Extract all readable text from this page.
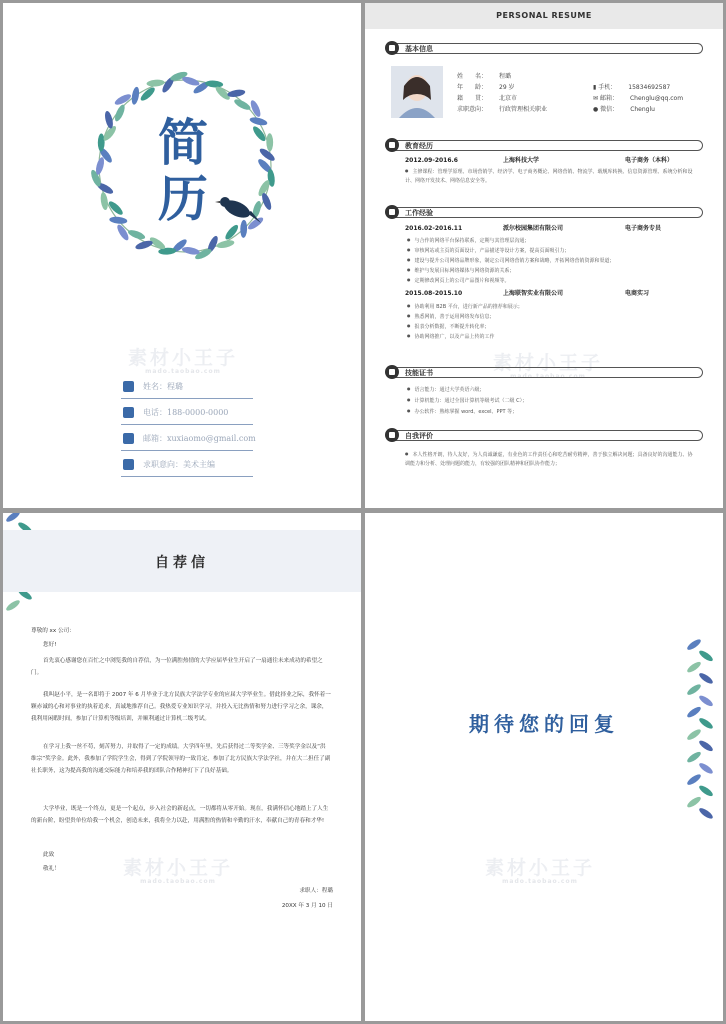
简
历
素材小王子
mado.taobao.com
姓名：程璐
电话：188-0000-0000
邮箱：xuxiaomo@gmail.com
求职意向：美术主编
PERSONAL RESUME
基本信息
姓　　名： 程璐
年　　龄： 29 岁
籍　　贯： 北京市
求职意向： 行政管理相关职业
▮ 手机： 15834692587
✉ 邮箱： Chenglu@qq.com
● 微信： Chenglu
教育经历
2012.09-2016.6	上海科技大学	电子商务（本科）
● 主修课程：管理学原理、市场营销学、经济学、电子商务概论、网络营销、物流学、载舰库转换、信息资源管理、系统分析和设计、网络开发技术、网络信息安全等。
工作经验
2016.02-2016.11	派尔校园集团有限公司	电子商务专员
● 与合作的网络平台保持联系，定期与其管理层沟通；
● 审核网站或主页的页面设计，产品描述等设计方案，提高页面吸引力；
● 建设与提升公司网络品牌形象，制定公司网络营销方案和战略，开拓网络营销资源和渠道；
● 维护与发展目标网络媒体与网络资源的关系；
● 定期修改网页上的公司产品图片和视频等。
2015.08-2015.10	上海联智实业有限公司	电商实习
● 协助利用 B2B 平台，进行新产品的推荐和展示；
● 熟悉网销，善于运用网络发布信息；
● 报表分析数据，不断提升转化率；
● 协助网络推广，以及产品上传的工作
素材小王子
mado.taobao.com
技能证书
● 语言能力：通过大学英语六级；
● 计算机能力：通过全国计算机等级考试（二级 C）；
● 办公软件：熟练掌握 word、excel、PPT 等；
自我评价
● 本人性格开朗，待人友好，为人真诚谦虚，有业色的工作责任心和吃苦耐劳精神，善于独立解决问题；具备良好的沟通能力、协调能力和分析、处理问题的能力，有较强的团队精神和团队协作能力；
自荐信
尊敬的 xx 公司：
您好!
首先衷心感谢您在百忙之中浏览我的自荐信，为一位满腔热情的大学应届毕业生开启了一扇通往未来成功的希望之门。
我叫赵小平，是一名即将于 2007 年 6 月毕业于北方民族大学法学专业的应届大学毕业生。借此择业之际，我怀着一颗赤诚的心和对事业的执着追求，真诚地推荐自己。我热爱专业知识学习，并投入无比热情和努力进行学习之余，课余，我利用闲暇时间，参加了计算机等级培训，并顺利通过计算机二级考试。
在学习上我一丝不苟，刻苦努力，并取得了一定的成绩。大学四年里，先后获得过二等奖学金、三等奖学金以及“洪维宗”奖学金。此外，我参加了学院学生会，得到了学院领导的一致肯定，参加了北方民族大学法学社，并在大二担任了副社长职务，这为提高我的沟通交际能力和培养我的团队合作精神打下了良好基础。
大学毕业，既是一个终点，更是一个起点，步入社会的新起点，一切都将从零开始。现在，我满怀信心地踏上了人生的新台阶，盼望贵单位给我一个机会，创造未来，我将全力以赴，用满腔的热情和辛勤的汗水，奉献自己的青春和才华!
此致
敬礼！	素材小王子
mado.taobao.com
求职人：程璐
20XX 年 3 月 10 日
期待您的回复
素材小王子
mado.taobao.com
